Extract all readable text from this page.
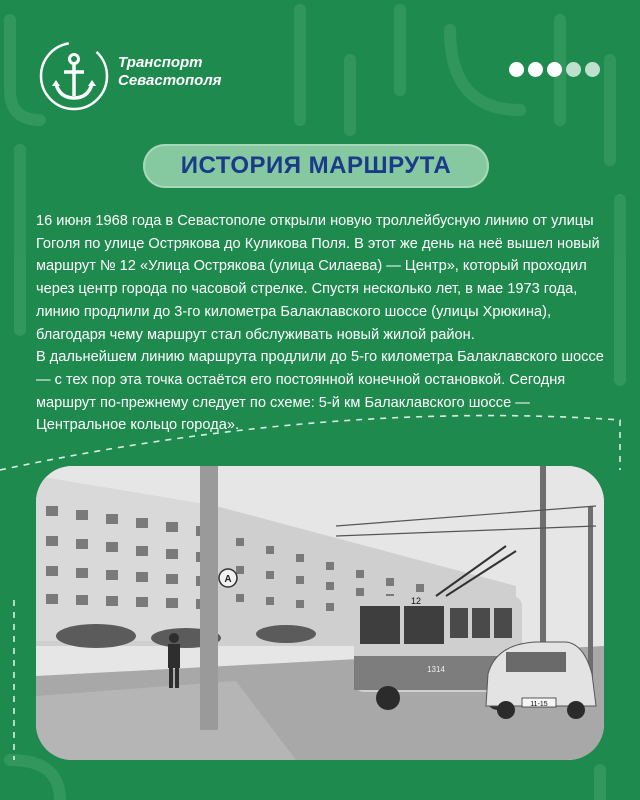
Транспорт
Севастополя
ИСТОРИЯ МАРШРУТА
16 июня 1968 года в Севастополе открыли новую троллейбусную линию от улицы Гоголя по улице Острякова до Куликова Поля. В этот же день на неё вышел новый маршрут № 12 «Улица Острякова (улица Силаева) — Центр», который проходил через центр города по часовой стрелке. Спустя несколько лет, в мае 1973 года, линию продлили до 3-го километра Балаклавского шоссе (улицы Хрюкина), благодаря чему маршрут стал обслуживать новый жилой район.
В дальнейшем линию маршрута продлили до 5-го километра Балаклавского шоссе — с тех пор эта точка остаётся его постоянной конечной остановкой. Сегодня маршрут по-прежнему следует по схеме: 5-й км Балаклавского шоссе — Центральное кольцо города».
А
12
1314
11-15
